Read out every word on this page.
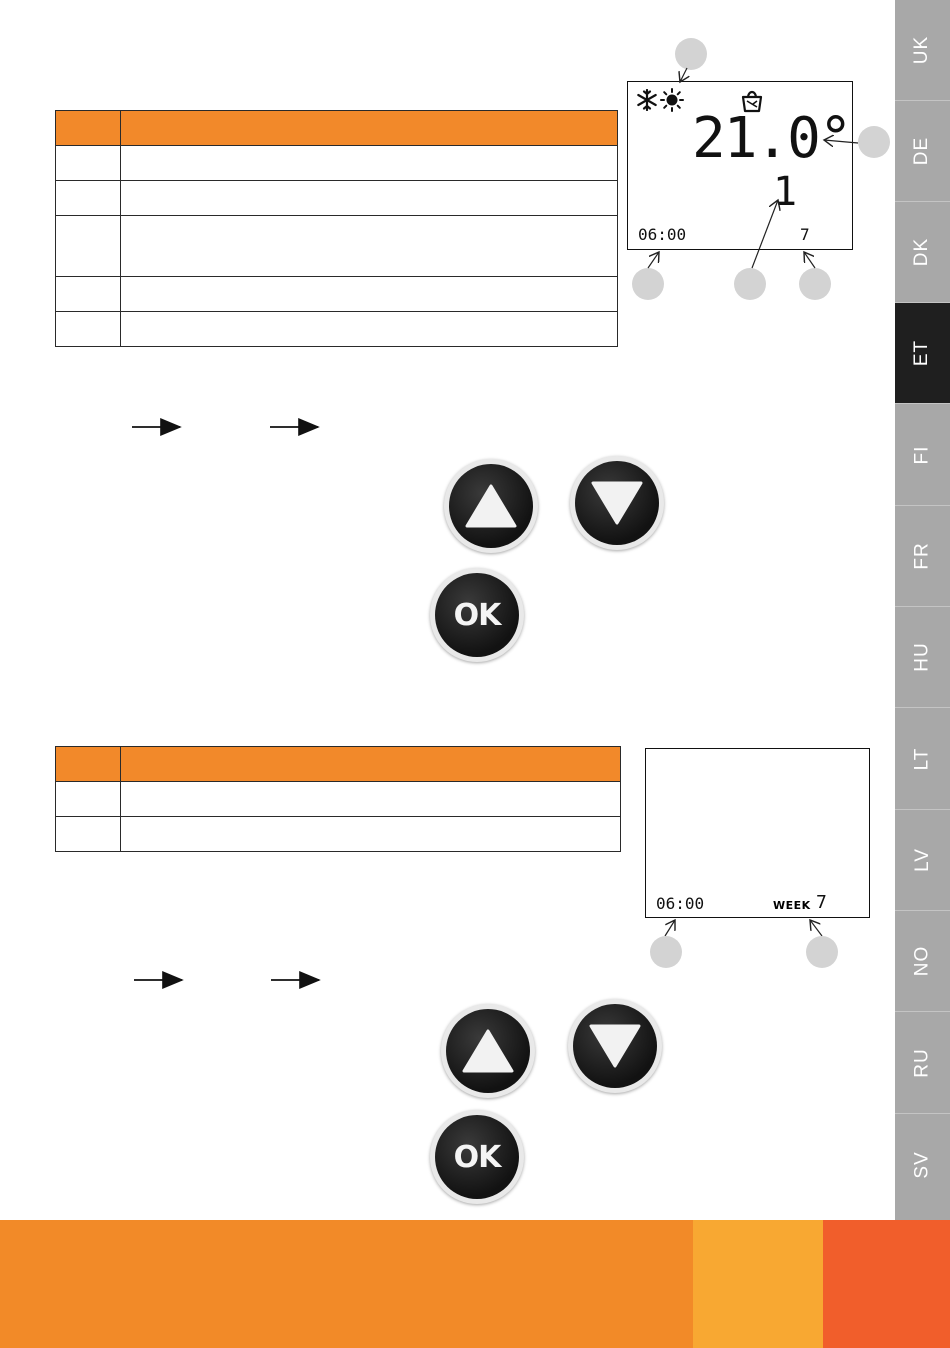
UK
DE
DK
ET
FI
FR
HU
LT
LV
NO
RU
SV

21.0°
1
06:00	7
OK

06:00	WEEK 7
OK
